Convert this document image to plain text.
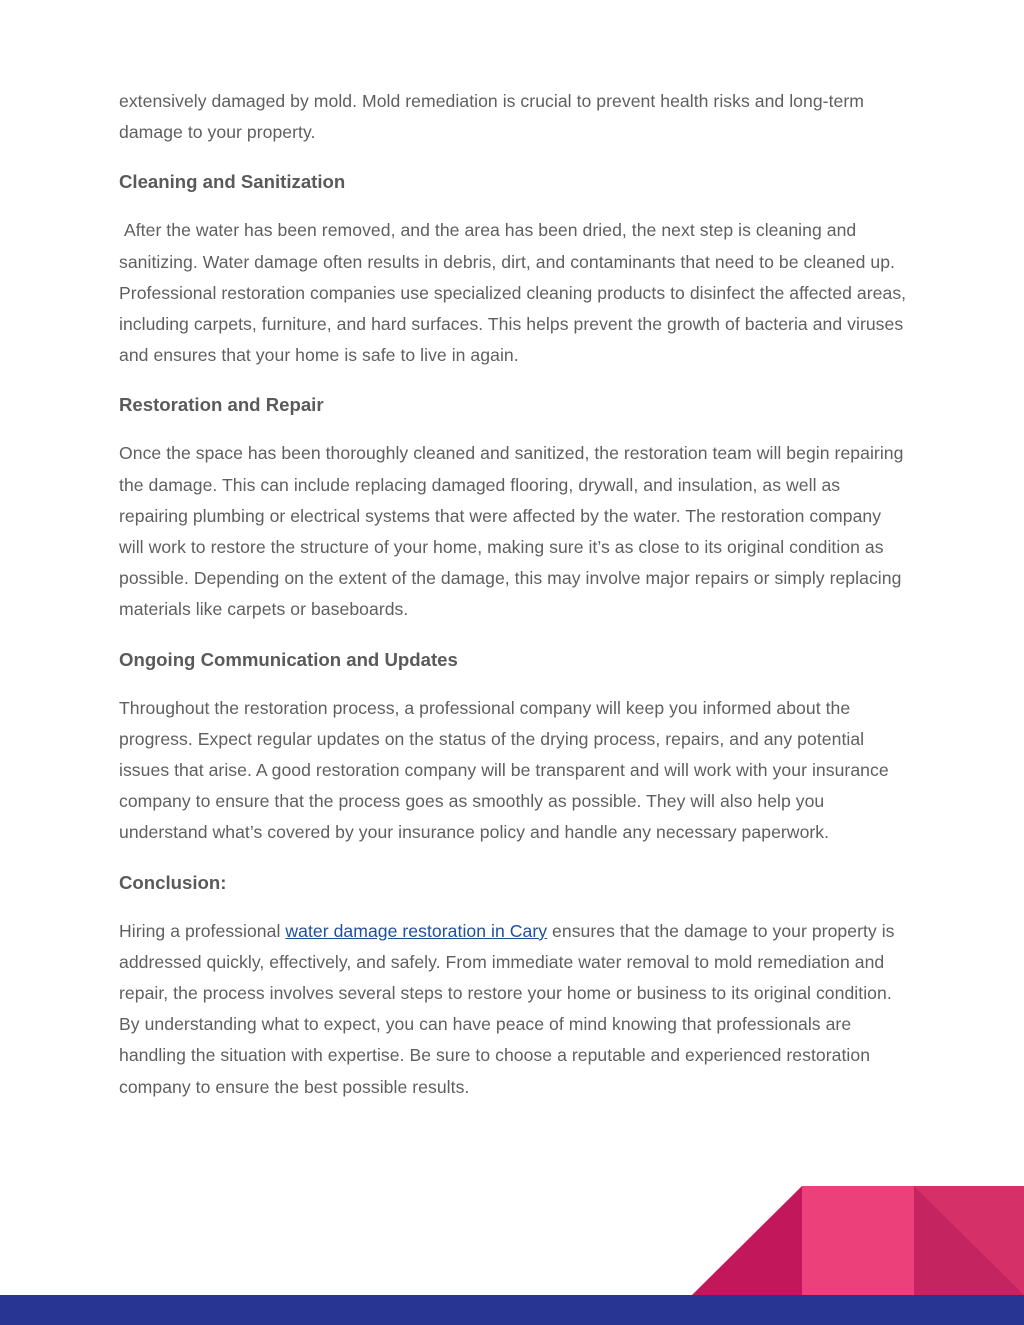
extensively damaged by mold. Mold remediation is crucial to prevent health risks and long-term damage to your property.

Cleaning and Sanitization

After the water has been removed, and the area has been dried, the next step is cleaning and sanitizing. Water damage often results in debris, dirt, and contaminants that need to be cleaned up. Professional restoration companies use specialized cleaning products to disinfect the affected areas, including carpets, furniture, and hard surfaces. This helps prevent the growth of bacteria and viruses and ensures that your home is safe to live in again.

Restoration and Repair

Once the space has been thoroughly cleaned and sanitized, the restoration team will begin repairing the damage. This can include replacing damaged flooring, drywall, and insulation, as well as repairing plumbing or electrical systems that were affected by the water. The restoration company will work to restore the structure of your home, making sure it’s as close to its original condition as possible. Depending on the extent of the damage, this may involve major repairs or simply replacing materials like carpets or baseboards.

Ongoing Communication and Updates

Throughout the restoration process, a professional company will keep you informed about the progress. Expect regular updates on the status of the drying process, repairs, and any potential issues that arise. A good restoration company will be transparent and will work with your insurance company to ensure that the process goes as smoothly as possible. They will also help you understand what’s covered by your insurance policy and handle any necessary paperwork.

Conclusion:

Hiring a professional water damage restoration in Cary ensures that the damage to your property is addressed quickly, effectively, and safely. From immediate water removal to mold remediation and repair, the process involves several steps to restore your home or business to its original condition. By understanding what to expect, you can have peace of mind knowing that professionals are handling the situation with expertise. Be sure to choose a reputable and experienced restoration company to ensure the best possible results.
